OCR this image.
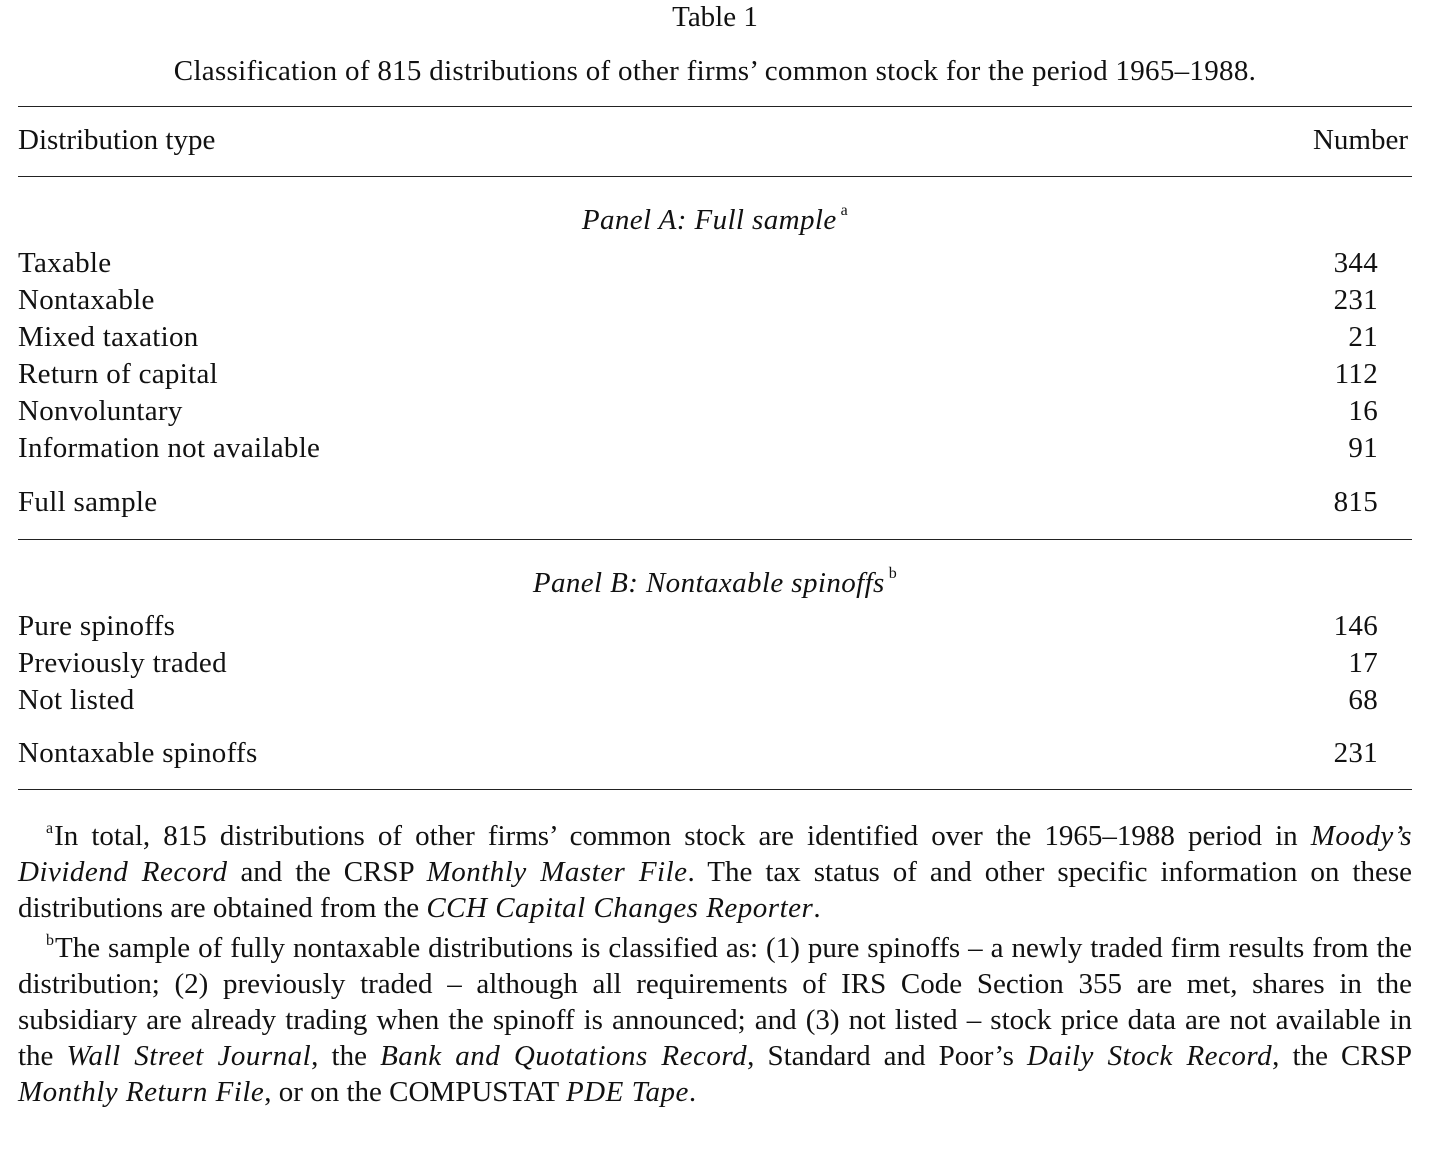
Table 1
Classification of 815 distributions of other firms’ common stock for the period 1965–1988.
Distribution type	Number
Panel A: Full sample $^a$
Taxable	344
Nontaxable	231
Mixed taxation	21
Return of capital	112
Nonvoluntary	16
Information not available	91
Full sample	815
Panel B: Nontaxable spinoffs $^b$
Pure spinoffs	146
Previously traded	17
Not listed	68
Nontaxable spinoffs	231

$^a$In total, 815 distributions of other firms’ common stock are identified over the 1965–1988 period in Moody’s Dividend Record and the CRSP Monthly Master File. The tax status of and other specific information on these distributions are obtained from the CCH Capital Changes Reporter.

$^b$The sample of fully nontaxable distributions is classified as: (1) pure spinoffs – a newly traded firm results from the distribution; (2) previously traded – although all requirements of IRS Code Section 355 are met, shares in the subsidiary are already trading when the spinoff is announced; and (3) not listed – stock price data are not available in the Wall Street Journal, the Bank and Quotations Record, Standard and Poor’s Daily Stock Record, the CRSP Monthly Return File, or on the COMPUSTAT PDE Tape.
